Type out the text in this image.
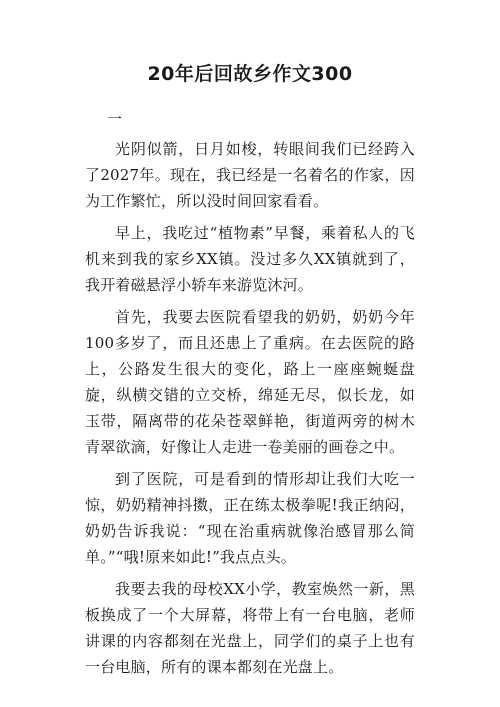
20年后回故乡作文300
一

光阴似箭，日月如梭，转眼间我们已经跨入了2027年。现在，我已经是一名着名的作家，因为工作繁忙，所以没时间回家看看。

早上，我吃过“植物素”早餐，乘着私人的飞机来到我的家乡XX镇。没过多久XX镇就到了，我开着磁悬浮小轿车来游览沐河。

首先，我要去医院看望我的奶奶，奶奶今年100多岁了，而且还患上了重病。在去医院的路上，公路发生很大的变化，路上一座座蜿蜒盘旋，纵横交错的立交桥，绵延无尽，似长龙，如玉带，隔离带的花朵苍翠鲜艳，街道两旁的树木青翠欲滴，好像让人走进一卷美丽的画卷之中。

到了医院，可是看到的情形却让我们大吃一惊，奶奶精神抖擞，正在练太极拳呢!我正纳闷，奶奶告诉我说：“现在治重病就像治感冒那么简单。”“哦!原来如此!”我点点头。

我要去我的母校XX小学，教室焕然一新，黑板换成了一个大屏幕，将带上有一台电脑，老师讲课的内容都刻在光盘上，同学们的桌子上也有一台电脑，所有的课本都刻在光盘上。
